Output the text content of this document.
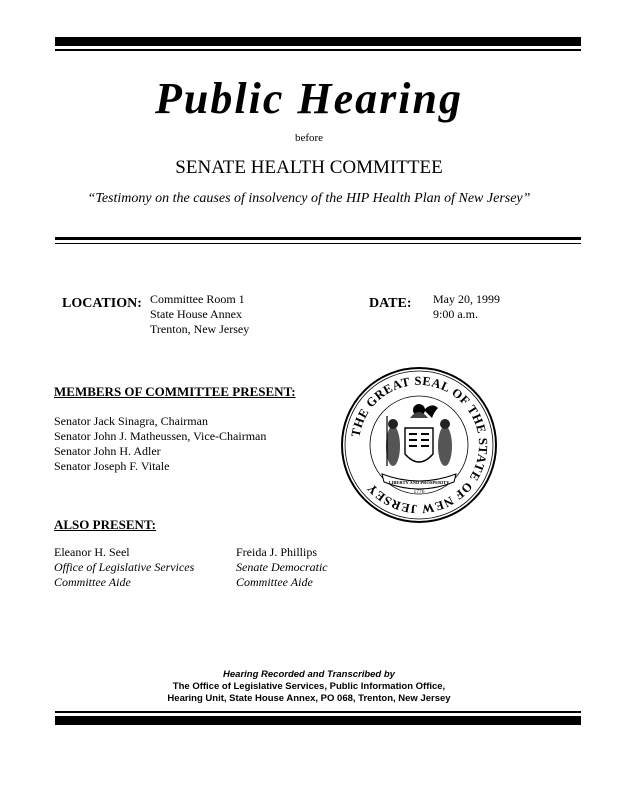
Public Hearing
before
SENATE HEALTH COMMITTEE
“Testimony on the causes of insolvency of the HIP Health Plan of New Jersey”
LOCATION: Committee Room 1
State House Annex
Trenton, New Jersey
DATE: May 20, 1999
9:00 a.m.
MEMBERS OF COMMITTEE PRESENT:
Senator Jack Sinagra, Chairman
Senator John J. Matheussen, Vice-Chairman
Senator John H. Adler
Senator Joseph F. Vitale
THE GREAT SEAL OF THE STATE OF NEW JERSEY	LIBERTY AND PROSPERITY
1776
ALSO PRESENT:
Eleanor H. Seel
Office of Legislative Services
Committee Aide
Freida J. Phillips
Senate Democratic
Committee Aide
Hearing Recorded and Transcribed by
The Office of Legislative Services, Public Information Office,
Hearing Unit, State House Annex, PO 068, Trenton, New Jersey
